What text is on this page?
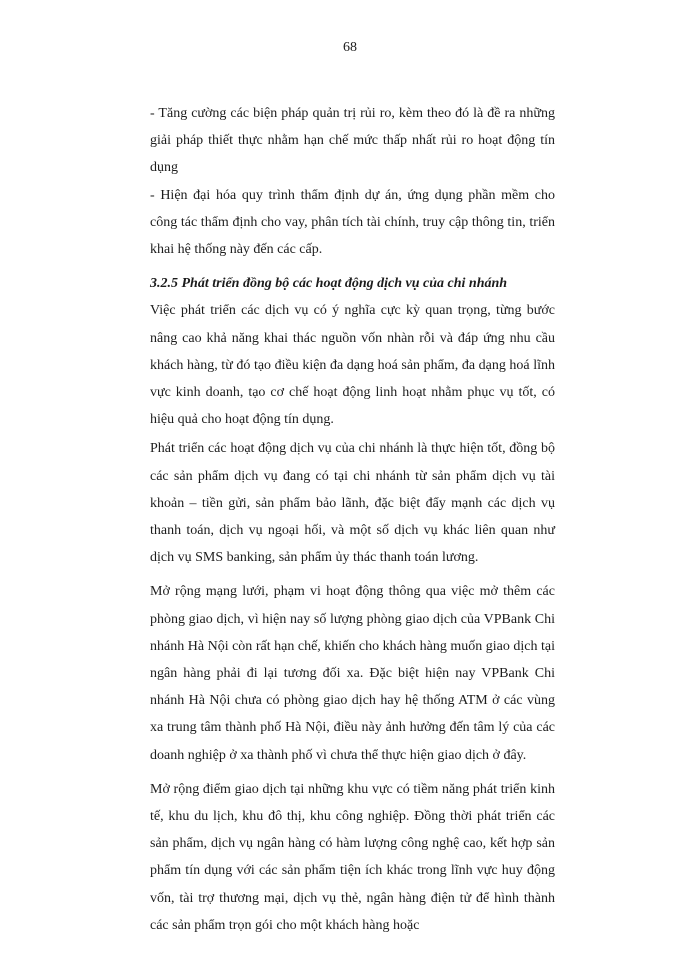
68

- Tăng cường các biện pháp quản trị rủi ro, kèm theo đó là đề ra những giải pháp thiết thực nhằm hạn chế mức thấp nhất rủi ro hoạt động tín dụng

- Hiện đại hóa quy trình thẩm định dự án, ứng dụng phần mềm cho công tác thẩm định cho vay, phân tích tài chính, truy cập thông tin, triển khai hệ thống này đến các cấp.

3.2.5 Phát triển đồng bộ các hoạt động dịch vụ của chi nhánh

Việc phát triển các dịch vụ có ý nghĩa cực kỳ quan trọng, từng bước nâng cao khả năng khai thác nguồn vốn nhàn rỗi và đáp ứng nhu cầu khách hàng, từ đó tạo điều kiện đa dạng hoá sản phẩm, đa dạng hoá lĩnh vực kinh doanh, tạo cơ chế hoạt động linh hoạt nhằm phục vụ tốt, có hiệu quả cho hoạt động tín dụng.

Phát triển các hoạt động dịch vụ của chi nhánh là thực hiện tốt, đồng bộ các sản phẩm dịch vụ đang có tại chi nhánh từ sản phẩm dịch vụ tài khoản – tiền gửi, sản phẩm bảo lãnh, đặc biệt đẩy mạnh các dịch vụ thanh toán, dịch vụ ngoại hối, và một số dịch vụ khác liên quan như dịch vụ SMS banking, sản phẩm ủy thác thanh toán lương.

Mở rộng mạng lưới, phạm vi hoạt động thông qua việc mở thêm các phòng giao dịch, vì hiện nay số lượng phòng giao dịch của VPBank Chi nhánh Hà Nội còn rất hạn chế, khiến cho khách hàng muốn giao dịch tại ngân hàng phải đi lại tương đối xa. Đặc biệt hiện nay VPBank Chi nhánh Hà Nội chưa có phòng giao dịch hay hệ thống ATM ở các vùng xa trung tâm thành phố Hà Nội, điều này ảnh hưởng đến tâm lý của các doanh nghiệp ở xa thành phố vì chưa thể thực hiện giao dịch ở đây.

Mở rộng điểm giao dịch tại những khu vực có tiềm năng phát triển kinh tế, khu du lịch, khu đô thị, khu công nghiệp. Đồng thời phát triển các sản phẩm, dịch vụ ngân hàng có hàm lượng công nghệ cao, kết hợp sản phẩm tín dụng với các sản phẩm tiện ích khác trong lĩnh vực huy động vốn, tài trợ thương mại, dịch vụ thẻ, ngân hàng điện tử để hình thành các sản phẩm trọn gói cho một khách hàng hoặc
